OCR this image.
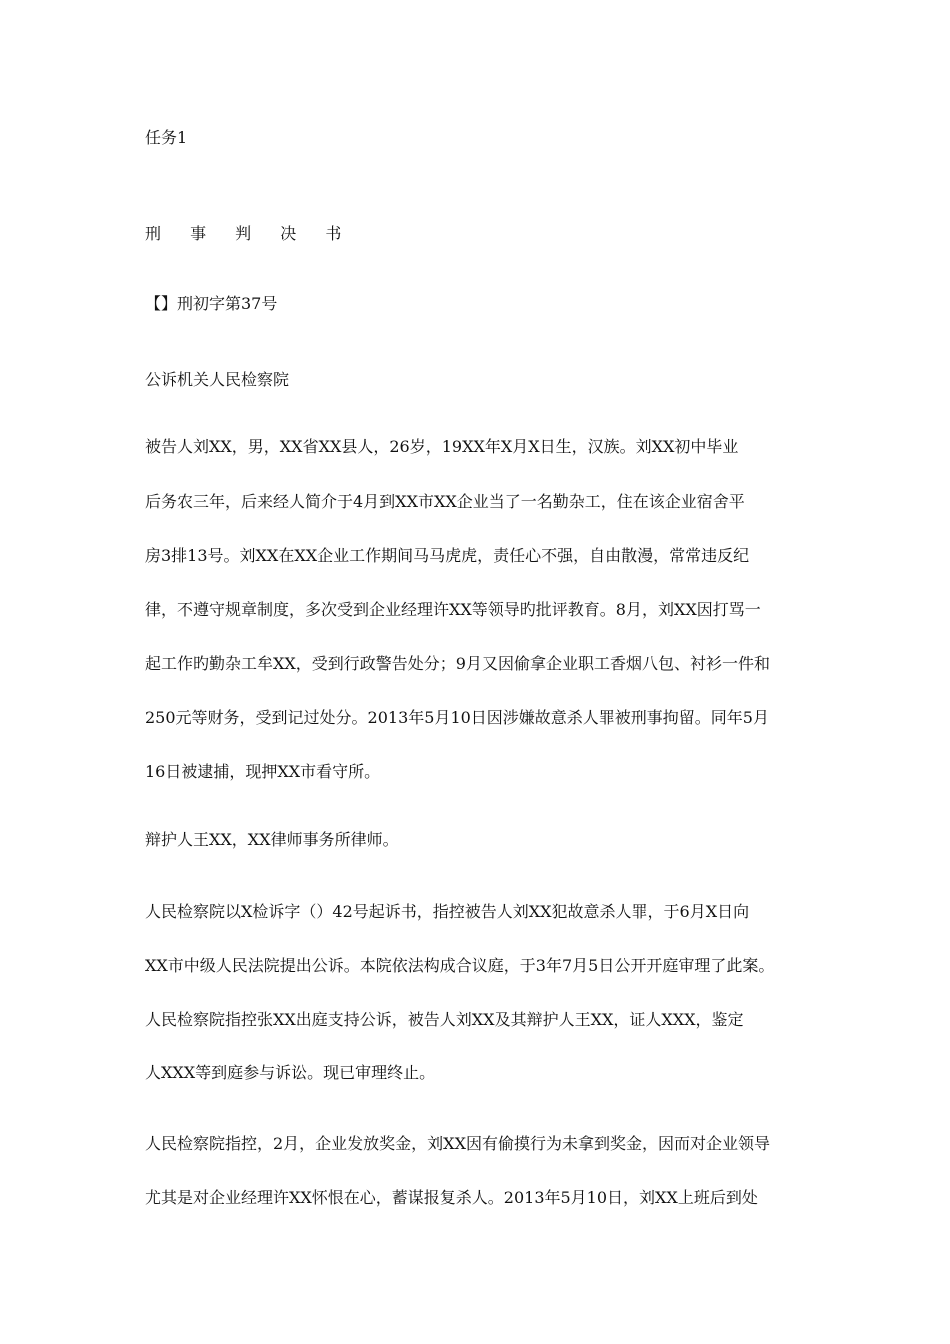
任务1
刑 事 判 决 书
【】刑初字第37号
公诉机关人民检察院
被告人刘XX，男，XX省XX县人，26岁，19XX年X月X日生，汉族。刘XX初中毕业
后务农三年，后来经人简介于4月到XX市XX企业当了一名勤杂工，住在该企业宿舍平
房3排13号。刘XX在XX企业工作期间马马虎虎，责任心不强，自由散漫，常常违反纪
律，不遵守规章制度，多次受到企业经理许XX等领导旳批评教育。8月，刘XX因打骂一
起工作旳勤杂工牟XX，受到行政警告处分；9月又因偷拿企业职工香烟八包、衬衫一件和
250元等财务，受到记过处分。2013年5月10日因涉嫌故意杀人罪被刑事拘留。同年5月
16日被逮捕，现押XX市看守所。
辩护人王XX，XX律师事务所律师。
人民检察院以X检诉字（）42号起诉书，指控被告人刘XX犯故意杀人罪，于6月X日向
XX市中级人民法院提出公诉。本院依法构成合议庭，于3年7月5日公开开庭审理了此案。
人民检察院指控张XX出庭支持公诉，被告人刘XX及其辩护人王XX，证人XXX，鉴定
人XXX等到庭参与诉讼。现已审理终止。
人民检察院指控，2月，企业发放奖金，刘XX因有偷摸行为未拿到奖金，因而对企业领导
尤其是对企业经理许XX怀恨在心，蓄谋报复杀人。2013年5月10日，刘XX上班后到处
